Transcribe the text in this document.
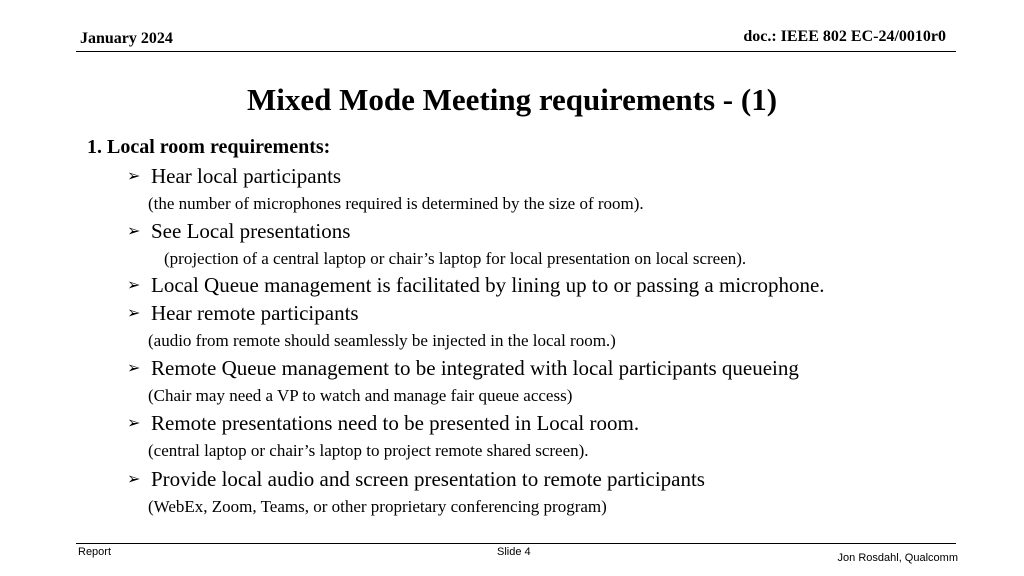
January 2024	doc.: IEEE 802 EC-24/0010r0
Mixed Mode Meeting requirements - (1)
1. Local room requirements:
➢ Hear local participants
(the number of microphones required is determined by the size of room).
➢ See Local presentations
(projection of a central laptop or chair’s laptop for local presentation on local screen).
➢ Local Queue management is facilitated by lining up to or passing a microphone.
➢ Hear remote participants
(audio from remote should seamlessly be injected in the local room.)
➢ Remote Queue management to be integrated with local participants queueing
(Chair may need a VP to watch and manage fair queue access)
➢ Remote presentations need to be presented in Local room.
(central laptop or chair’s laptop to project remote shared screen).
➢ Provide local audio and screen presentation to remote participants
(WebEx, Zoom, Teams, or other proprietary conferencing program)
Report	Slide 4	Jon Rosdahl, Qualcomm
